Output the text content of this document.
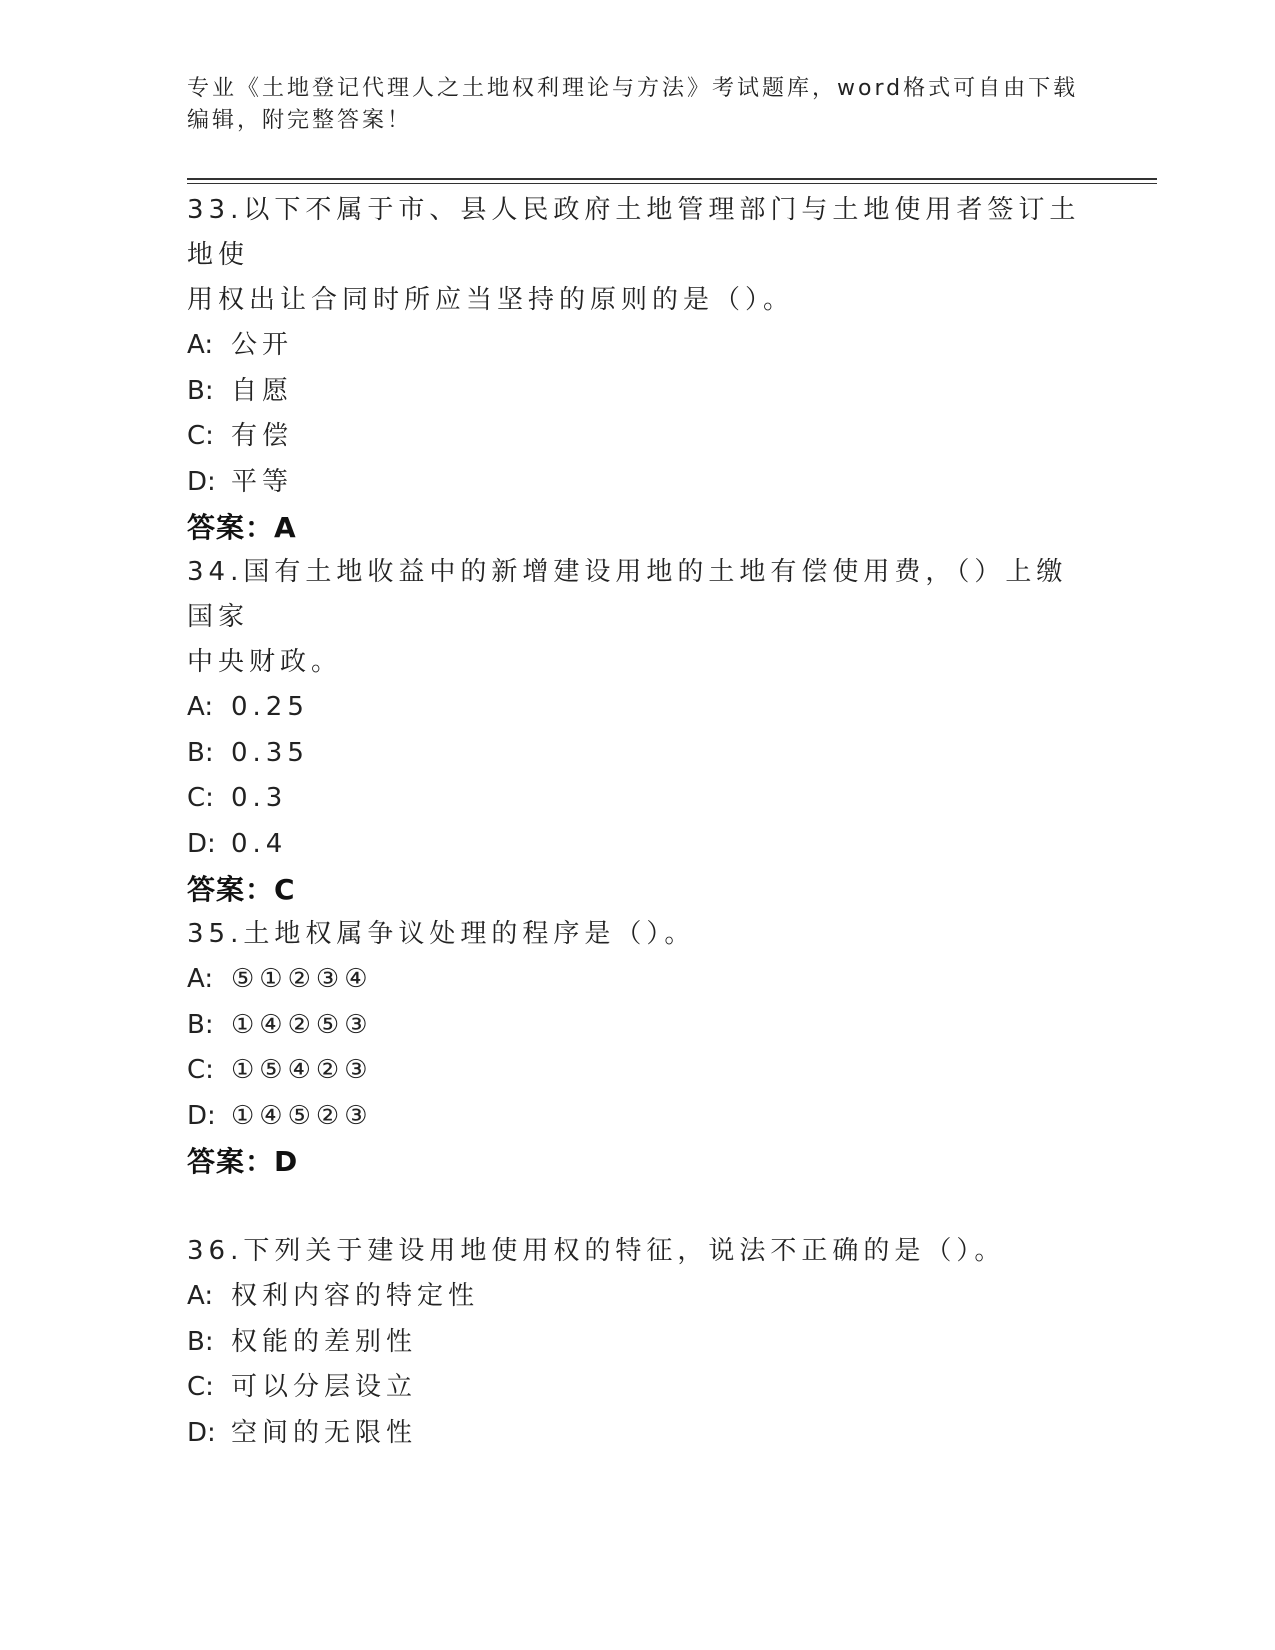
专业《土地登记代理人之土地权利理论与方法》考试题库，word格式可自由下载
编辑，附完整答案！
33.以下不属于市、县人民政府土地管理部门与土地使用者签订土地使
用权出让合同时所应当坚持的原则的是（）。
A: 公开
B: 自愿
C: 有偿
D: 平等
答案：A
34.国有土地收益中的新增建设用地的土地有偿使用费，（）上缴国家
中央财政。
A: 0.25
B: 0.35
C: 0.3
D: 0.4
答案：C
35.土地权属争议处理的程序是（）。
A: ⑤①②③④
B: ①④②⑤③
C: ①⑤④②③
D: ①④⑤②③
答案：D
36.下列关于建设用地使用权的特征，说法不正确的是（）。
A: 权利内容的特定性
B: 权能的差别性
C: 可以分层设立
D: 空间的无限性
